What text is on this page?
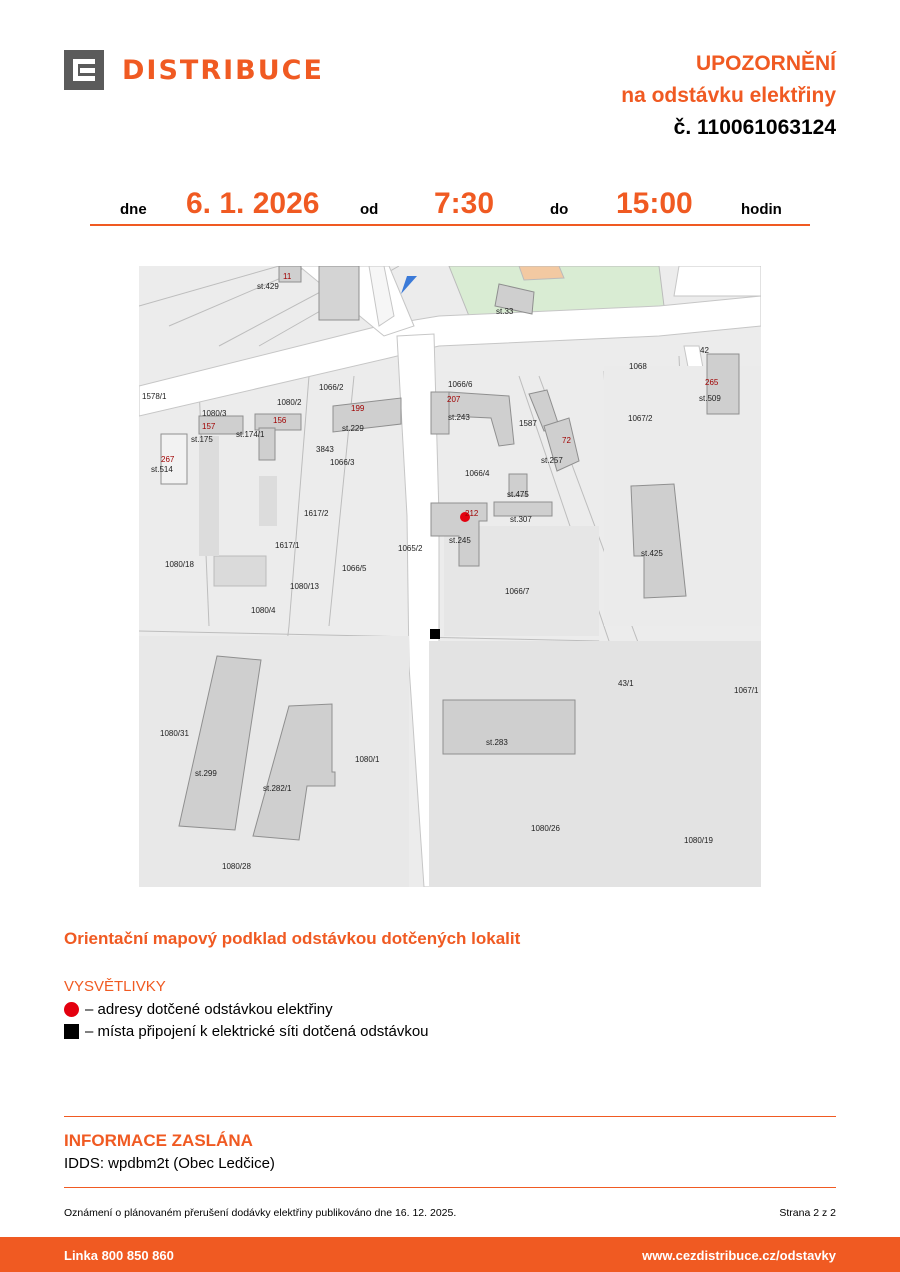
DISTRIBUCE	UPOZORNĚNÍ
na odstávku elektřiny
č. 110061063124
dne 6. 1. 2026	od 7:30	do 15:00	hodin
11
st.429
st.33
1578/1
1066/2
1080/2
199
st.229
1080/3
157
156
st.175
st.174/1
3843
267
st.514
1066/3
1066/6
207
st.243
1587
72
st.257
1068
42
265
st.509
1067/2
1066/4
st.475
212
st.307
st.245
st.425
1617/2
1617/1	1065/2
1080/18	1066/5
1080/13
1066/7
1080/4
43/1
1067/1
1080/31
st.283
1080/1
st.299
st.282/1
1080/26
1080/19
1080/28
Orientační mapový podklad odstávkou dotčených lokalit
VYSVĚTLIVKY
– adresy dotčené odstávkou elektřiny
– místa připojení k elektrické síti dotčená odstávkou
INFORMACE ZASLÁNA
IDDS: wpdbm2t (Obec Ledčice)
Oznámení o plánovaném přerušení dodávky elektřiny publikováno dne 16. 12. 2025.	Strana 2 z 2
Linka 800 850 860	www.cezdistribuce.cz/odstavky
